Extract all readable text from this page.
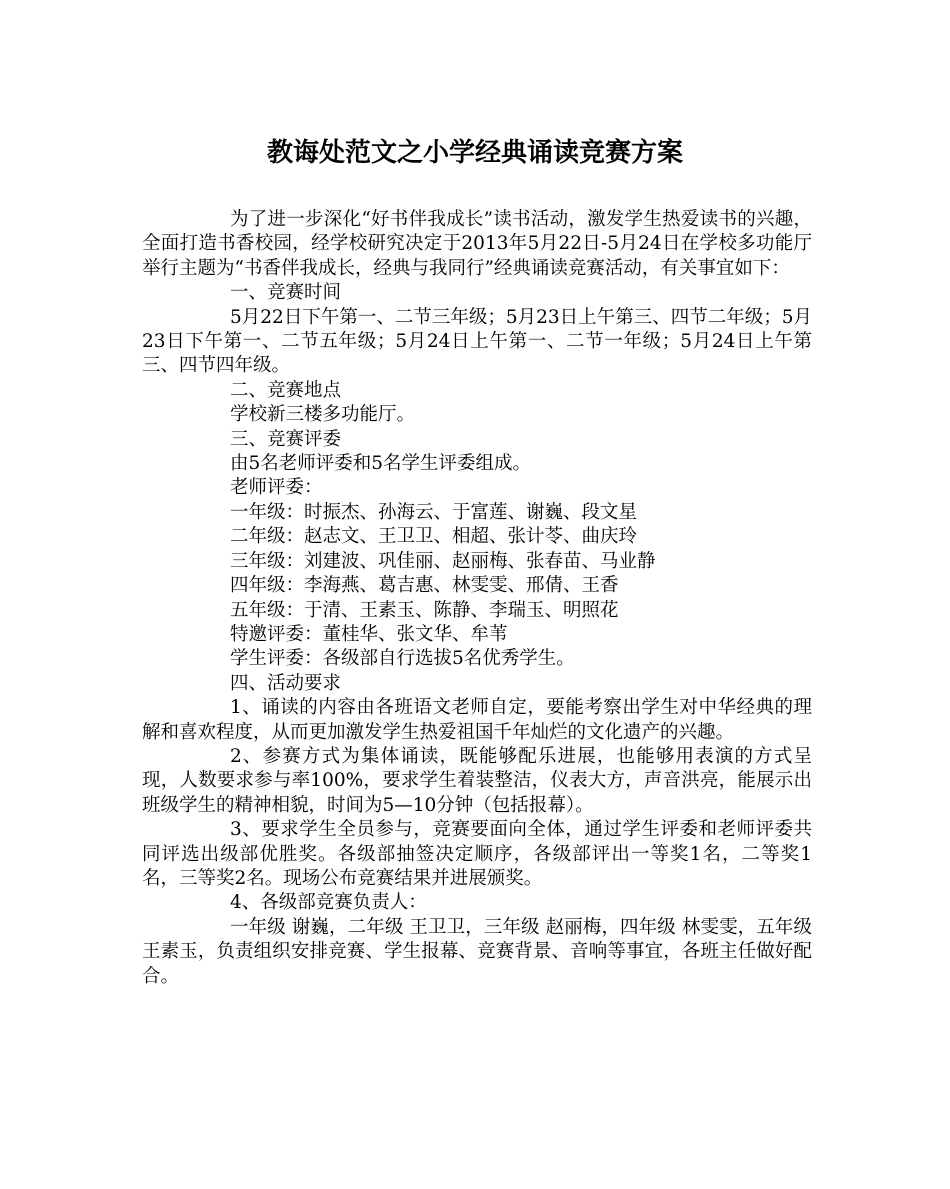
教诲处范文之小学经典诵读竞赛方案

为了进一步深化“好书伴我成长”读书活动，激发学生热爱读书的兴趣，全面打造书香校园，经学校研究决定于2013年5月22日-5月24日在学校多功能厅举行主题为“书香伴我成长，经典与我同行”经典诵读竞赛活动，有关事宜如下：

一、竞赛时间

5月22日下午第一、二节三年级；5月23日上午第三、四节二年级；5月23日下午第一、二节五年级；5月24日上午第一、二节一年级；5月24日上午第三、四节四年级。

二、竞赛地点

学校新三楼多功能厅。

三、竞赛评委

由5名老师评委和5名学生评委组成。

老师评委：

一年级：时振杰、孙海云、于富莲、谢巍、段文星

二年级：赵志文、王卫卫、相超、张计苓、曲庆玲

三年级：刘建波、巩佳丽、赵丽梅、张春苗、马业静

四年级：李海燕、葛吉惠、林雯雯、邢倩、王香

五年级：于清、王素玉、陈静、李瑞玉、明照花

特邀评委：董桂华、张文华、牟苇

学生评委：各级部自行选拔5名优秀学生。

四、活动要求

1、诵读的内容由各班语文老师自定，要能考察出学生对中华经典的理解和喜欢程度，从而更加激发学生热爱祖国千年灿烂的文化遗产的兴趣。

2、参赛方式为集体诵读，既能够配乐进展，也能够用表演的方式呈现，人数要求参与率100%，要求学生着装整洁，仪表大方，声音洪亮，能展示出班级学生的精神相貌，时间为5—10分钟（包括报幕）。

3、要求学生全员参与，竞赛要面向全体，通过学生评委和老师评委共同评选出级部优胜奖。各级部抽签决定顺序，各级部评出一等奖1名，二等奖1名，三等奖2名。现场公布竞赛结果并进展颁奖。

4、各级部竞赛负责人：

一年级 谢巍，二年级 王卫卫，三年级 赵丽梅，四年级 林雯雯，五年级 王素玉，负责组织安排竞赛、学生报幕、竞赛背景、音响等事宜，各班主任做好配合。
